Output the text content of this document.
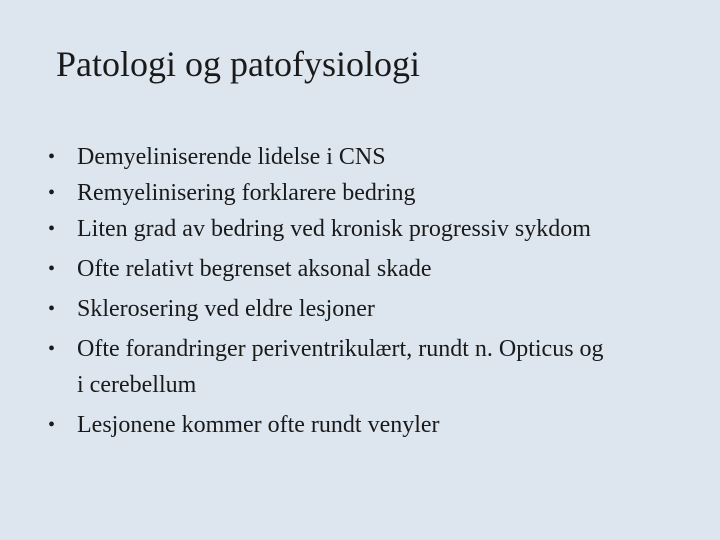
Patologi og patofysiologi
• Demyeliniserende lidelse i CNS
• Remyelinisering forklarere bedring
• Liten grad av bedring ved kronisk progressiv sykdom
• Ofte relativt begrenset aksonal skade
• Sklerosering ved eldre lesjoner
• Ofte forandringer periventrikulært, rundt n. Opticus og i cerebellum
• Lesjonene kommer ofte rundt venyler
